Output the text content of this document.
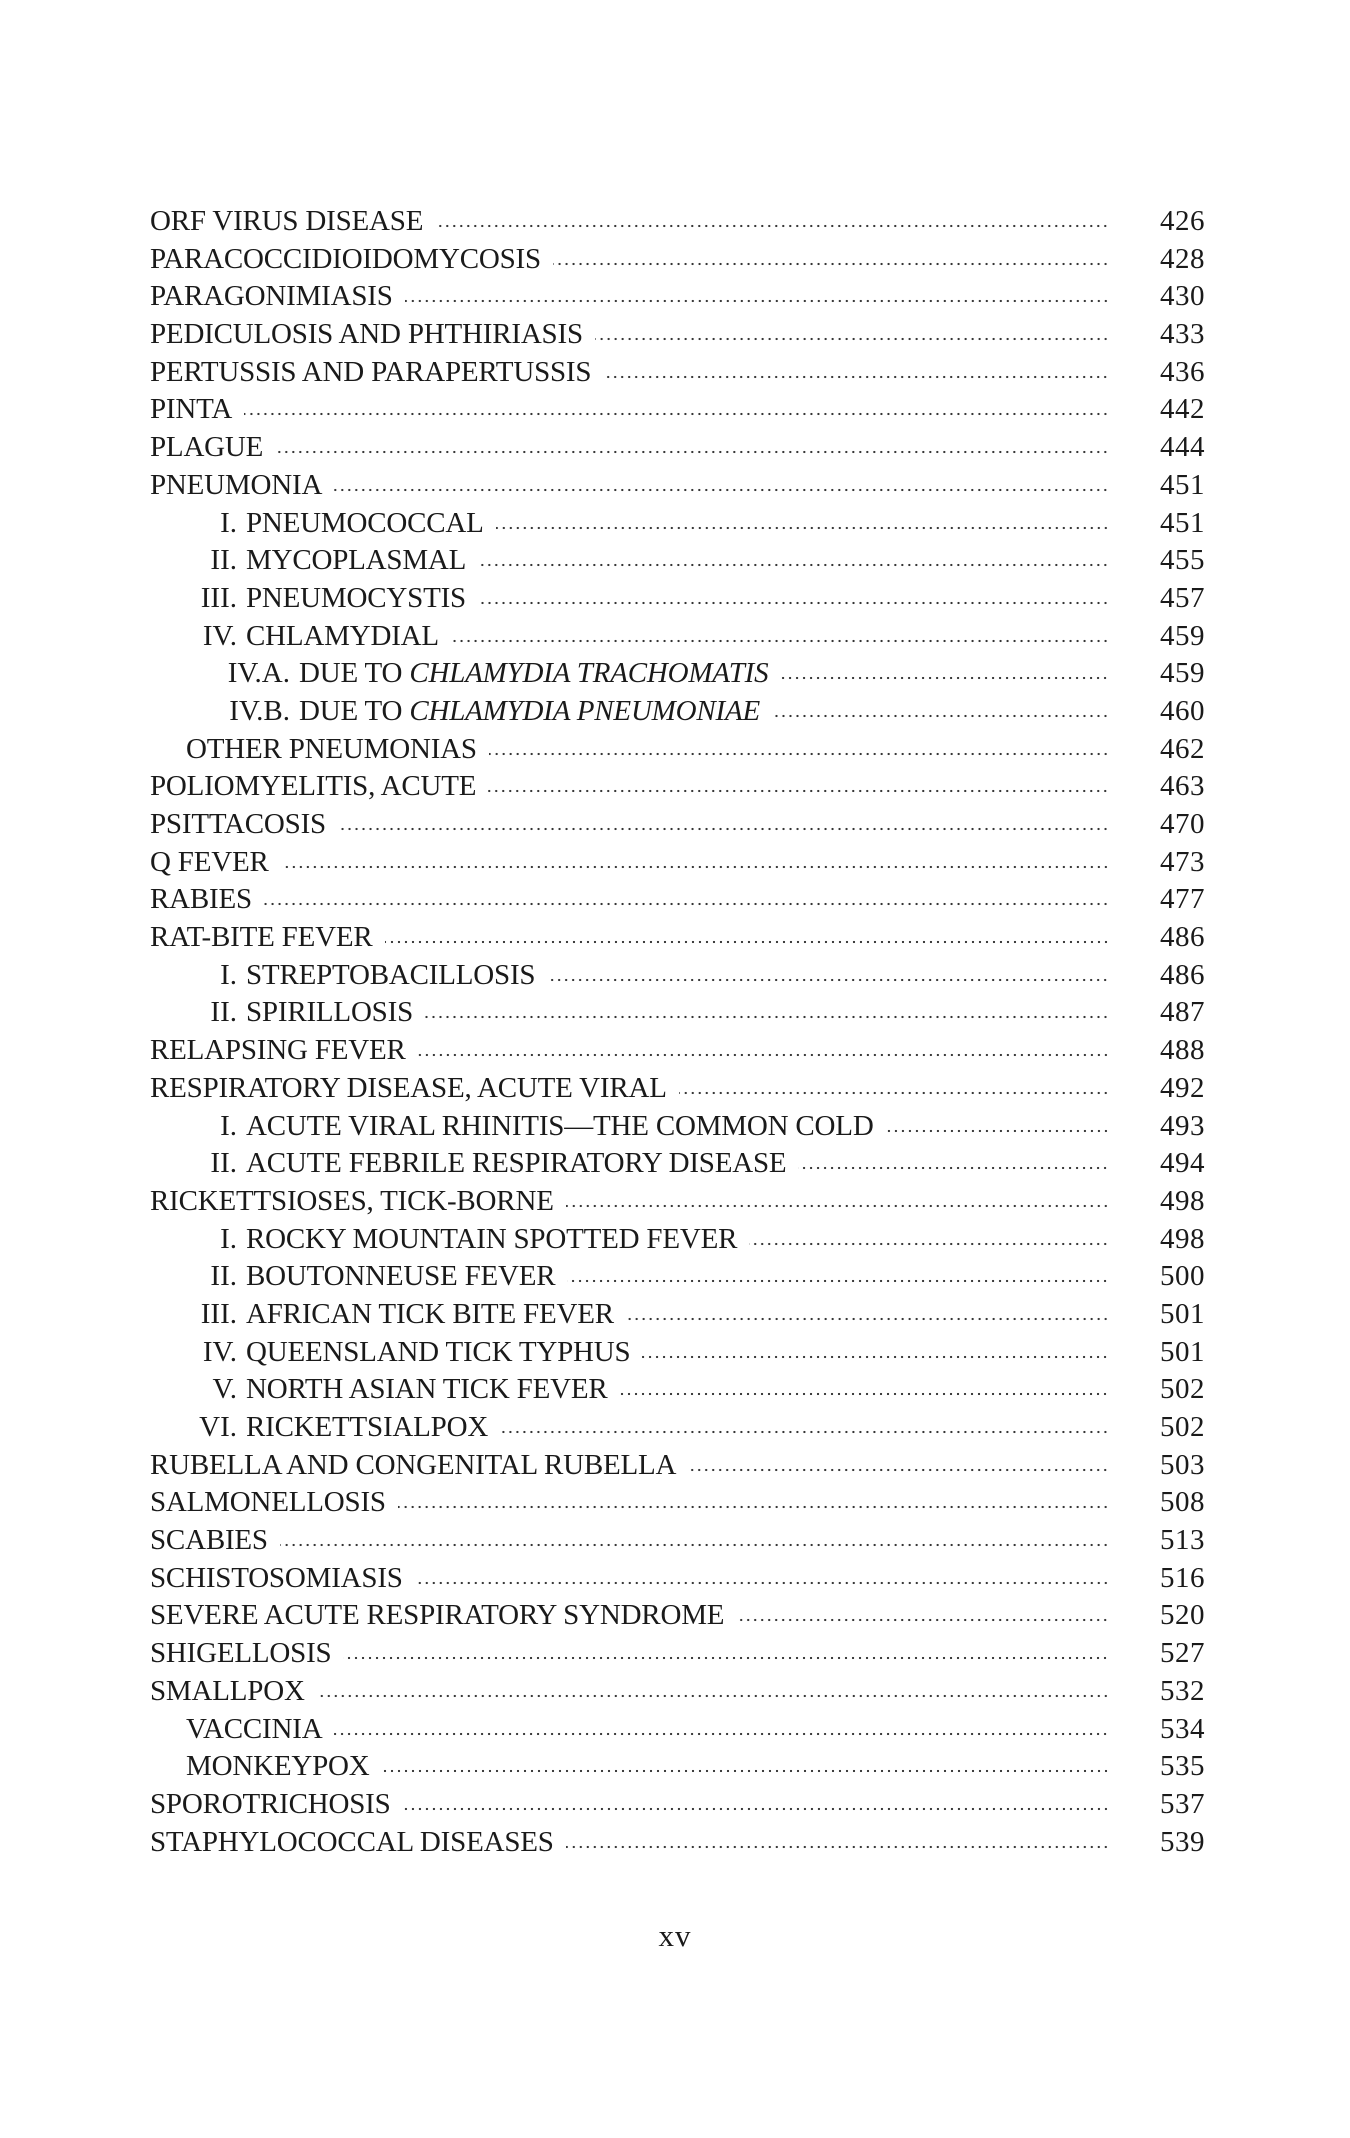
ORF VIRUS DISEASE	426
PARACOCCIDIOIDOMYCOSIS	428
PARAGONIMIASIS	430
PEDICULOSIS AND PHTHIRIASIS	433
PERTUSSIS AND PARAPERTUSSIS	436
PINTA	442
PLAGUE	444
PNEUMONIA	451
I. PNEUMOCOCCAL	451
II. MYCOPLASMAL	455
III. PNEUMOCYSTIS	457
IV. CHLAMYDIAL	459
IV.A. DUE TO CHLAMYDIA TRACHOMATIS	459
IV.B. DUE TO CHLAMYDIA PNEUMONIAE	460
OTHER PNEUMONIAS	462
POLIOMYELITIS, ACUTE	463
PSITTACOSIS	470
Q FEVER	473
RABIES	477
RAT-BITE FEVER	486
I. STREPTOBACILLOSIS	486
II. SPIRILLOSIS	487
RELAPSING FEVER	488
RESPIRATORY DISEASE, ACUTE VIRAL	492
I. ACUTE VIRAL RHINITIS—THE COMMON COLD	493
II. ACUTE FEBRILE RESPIRATORY DISEASE	494
RICKETTSIOSES, TICK-BORNE	498
I. ROCKY MOUNTAIN SPOTTED FEVER	498
II. BOUTONNEUSE FEVER	500
III. AFRICAN TICK BITE FEVER	501
IV. QUEENSLAND TICK TYPHUS	501
V. NORTH ASIAN TICK FEVER	502
VI. RICKETTSIALPOX	502
RUBELLA AND CONGENITAL RUBELLA	503
SALMONELLOSIS	508
SCABIES	513
SCHISTOSOMIASIS	516
SEVERE ACUTE RESPIRATORY SYNDROME	520
SHIGELLOSIS	527
SMALLPOX	532
VACCINIA	534
MONKEYPOX	535
SPOROTRICHOSIS	537
STAPHYLOCOCCAL DISEASES	539
xv
